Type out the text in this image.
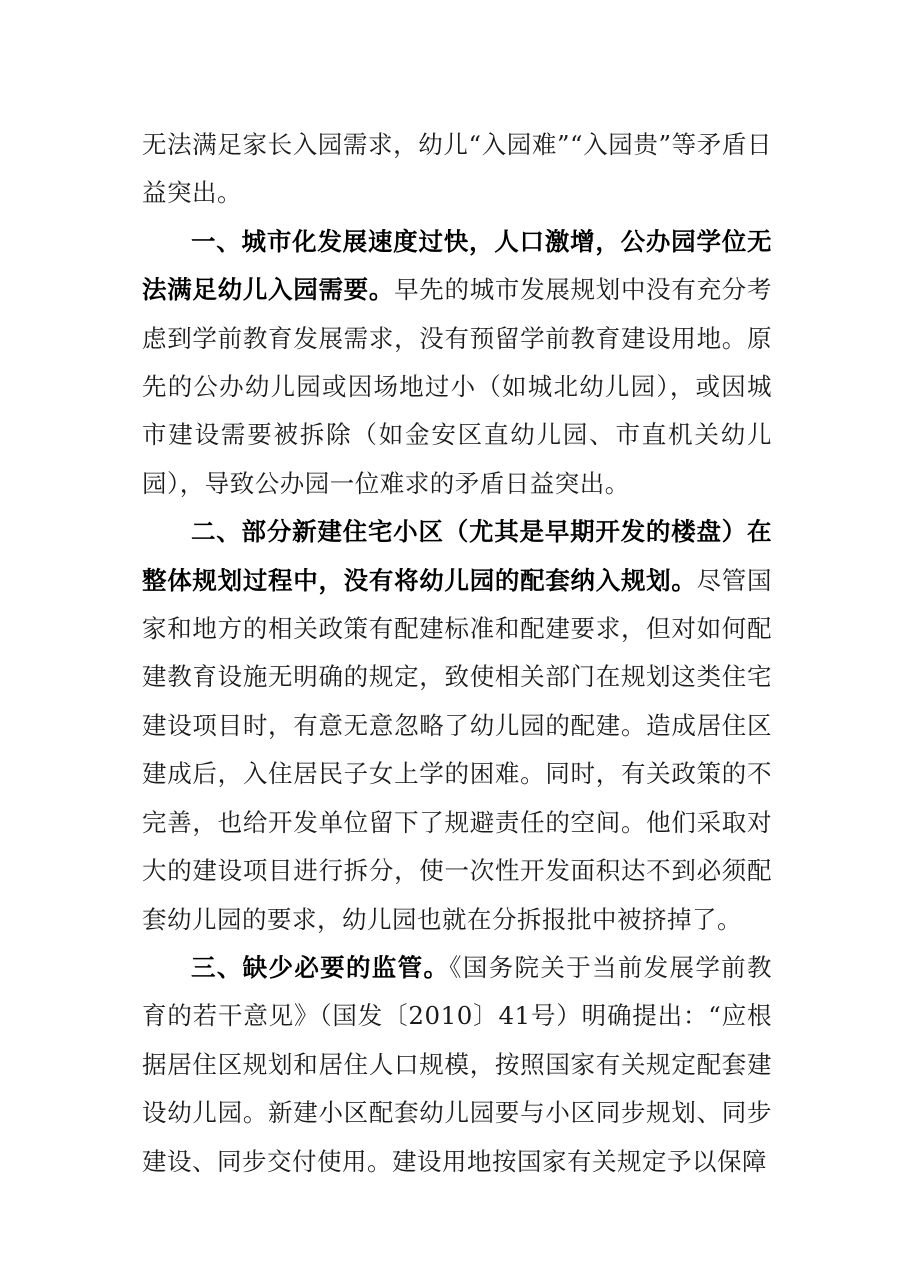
无法满足家长入园需求，幼儿“入园难”“入园贵”等矛盾日益突出。

一、城市化发展速度过快，人口激增，公办园学位无法满足幼儿入园需要。早先的城市发展规划中没有充分考虑到学前教育发展需求，没有预留学前教育建设用地。原先的公办幼儿园或因场地过小（如城北幼儿园），或因城市建设需要被拆除（如金安区直幼儿园、市直机关幼儿园），导致公办园一位难求的矛盾日益突出。

二、部分新建住宅小区（尤其是早期开发的楼盘）在整体规划过程中，没有将幼儿园的配套纳入规划。尽管国家和地方的相关政策有配建标准和配建要求，但对如何配建教育设施无明确的规定，致使相关部门在规划这类住宅建设项目时，有意无意忽略了幼儿园的配建。造成居住区建成后，入住居民子女上学的困难。同时，有关政策的不完善，也给开发单位留下了规避责任的空间。他们采取对大的建设项目进行拆分，使一次性开发面积达不到必须配套幼儿园的要求，幼儿园也就在分拆报批中被挤掉了。

三、缺少必要的监管。《国务院关于当前发展学前教育的若干意见》（国发〔2010〕41号）明确提出：“应根据居住区规划和居住人口规模，按照国家有关规定配套建设幼儿园。新建小区配套幼儿园要与小区同步规划、同步建设、同步交付使用。建设用地按国家有关规定予以保障
